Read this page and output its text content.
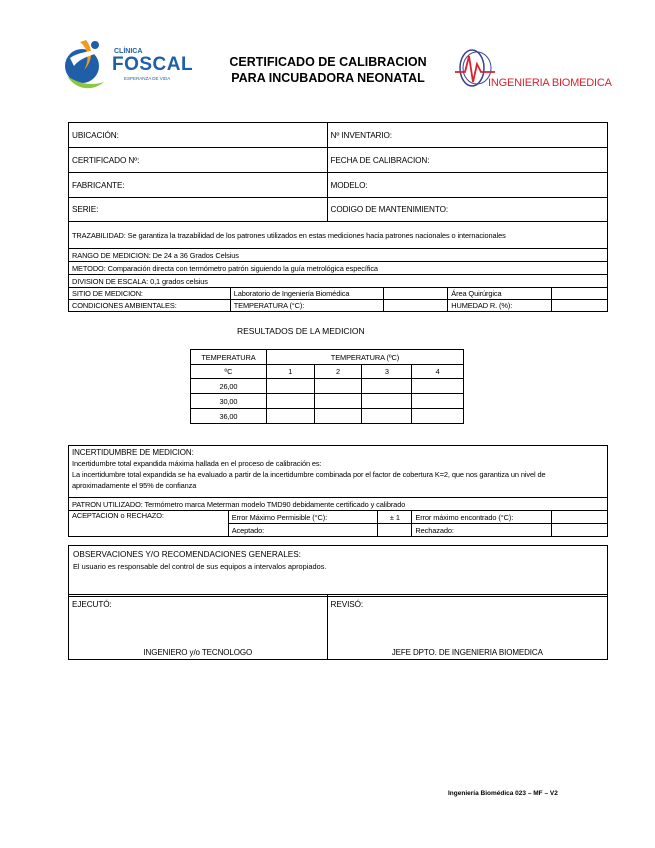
CLÍNICA
FOSCAL
ESPERANZA DE VIDA
CERTIFICADO DE CALIBRACION
PARA INCUBADORA NEONATAL	INGENIERIA BIOMEDICA
UBICACIÓN:	Nº INVENTARIO:
CERTIFICADO Nº:	FECHA DE CALIBRACION:
FABRICANTE:	MODELO:
SERIE:	CODIGO DE MANTENIMIENTO:
TRAZABILIDAD: Se garantiza la trazabilidad de los patrones utilizados en estas mediciones hacia patrones nacionales o internacionales				
RANGO DE MEDICION: De 24 a 36 Grados Celsius				
METODO: Comparación directa con termómetro patrón siguiendo la guía metrológica específica				
DIVISION DE ESCALA: 0,1 grados celsius				
SITIO DE MEDICION:	Laboratorio de Ingeniería Biomédica		Área Quirúrgica	
CONDICIONES AMBIENTALES:	TEMPERATURA (°C):		HUMEDAD R. (%):	
RESULTADOS DE LA MEDICION
TEMPERATURA	TEMPERATURA (ºC)			
ºC	1	2	3	4
26,00				
30,00				
36,00				
INCERTIDUMBRE DE MEDICION:
Incertidumbre total expandida máxima hallada en el proceso de calibración es:
La incertidumbre total expandida se ha evaluado a partir de la incertidumbre combinada por el factor de cobertura K=2, que nos garantiza un nivel de aproximadamente el 95% de confianza				

PATRON UTILIZADO: Termómetro marca Meterman modelo TMD90 debidamente certificado y calibrado				
ACEPTACION o RECHAZO:	Error Máximo Permisible (°C):	± 1	Error máximo encontrado (°C):	
	Aceptado:		Rechazado:	
OBSERVACIONES Y/O RECOMENDACIONES GENERALES:
El usuario es responsable del control de sus equipos a intervalos apropiados.
EJECUTÓ:
INGENIERO y/o TECNOLOGO

REVISÓ:
JEFE DPTO. DE INGENIERIA BIOMEDICA
Ingeniería Biomédica 023 – MF – V2
